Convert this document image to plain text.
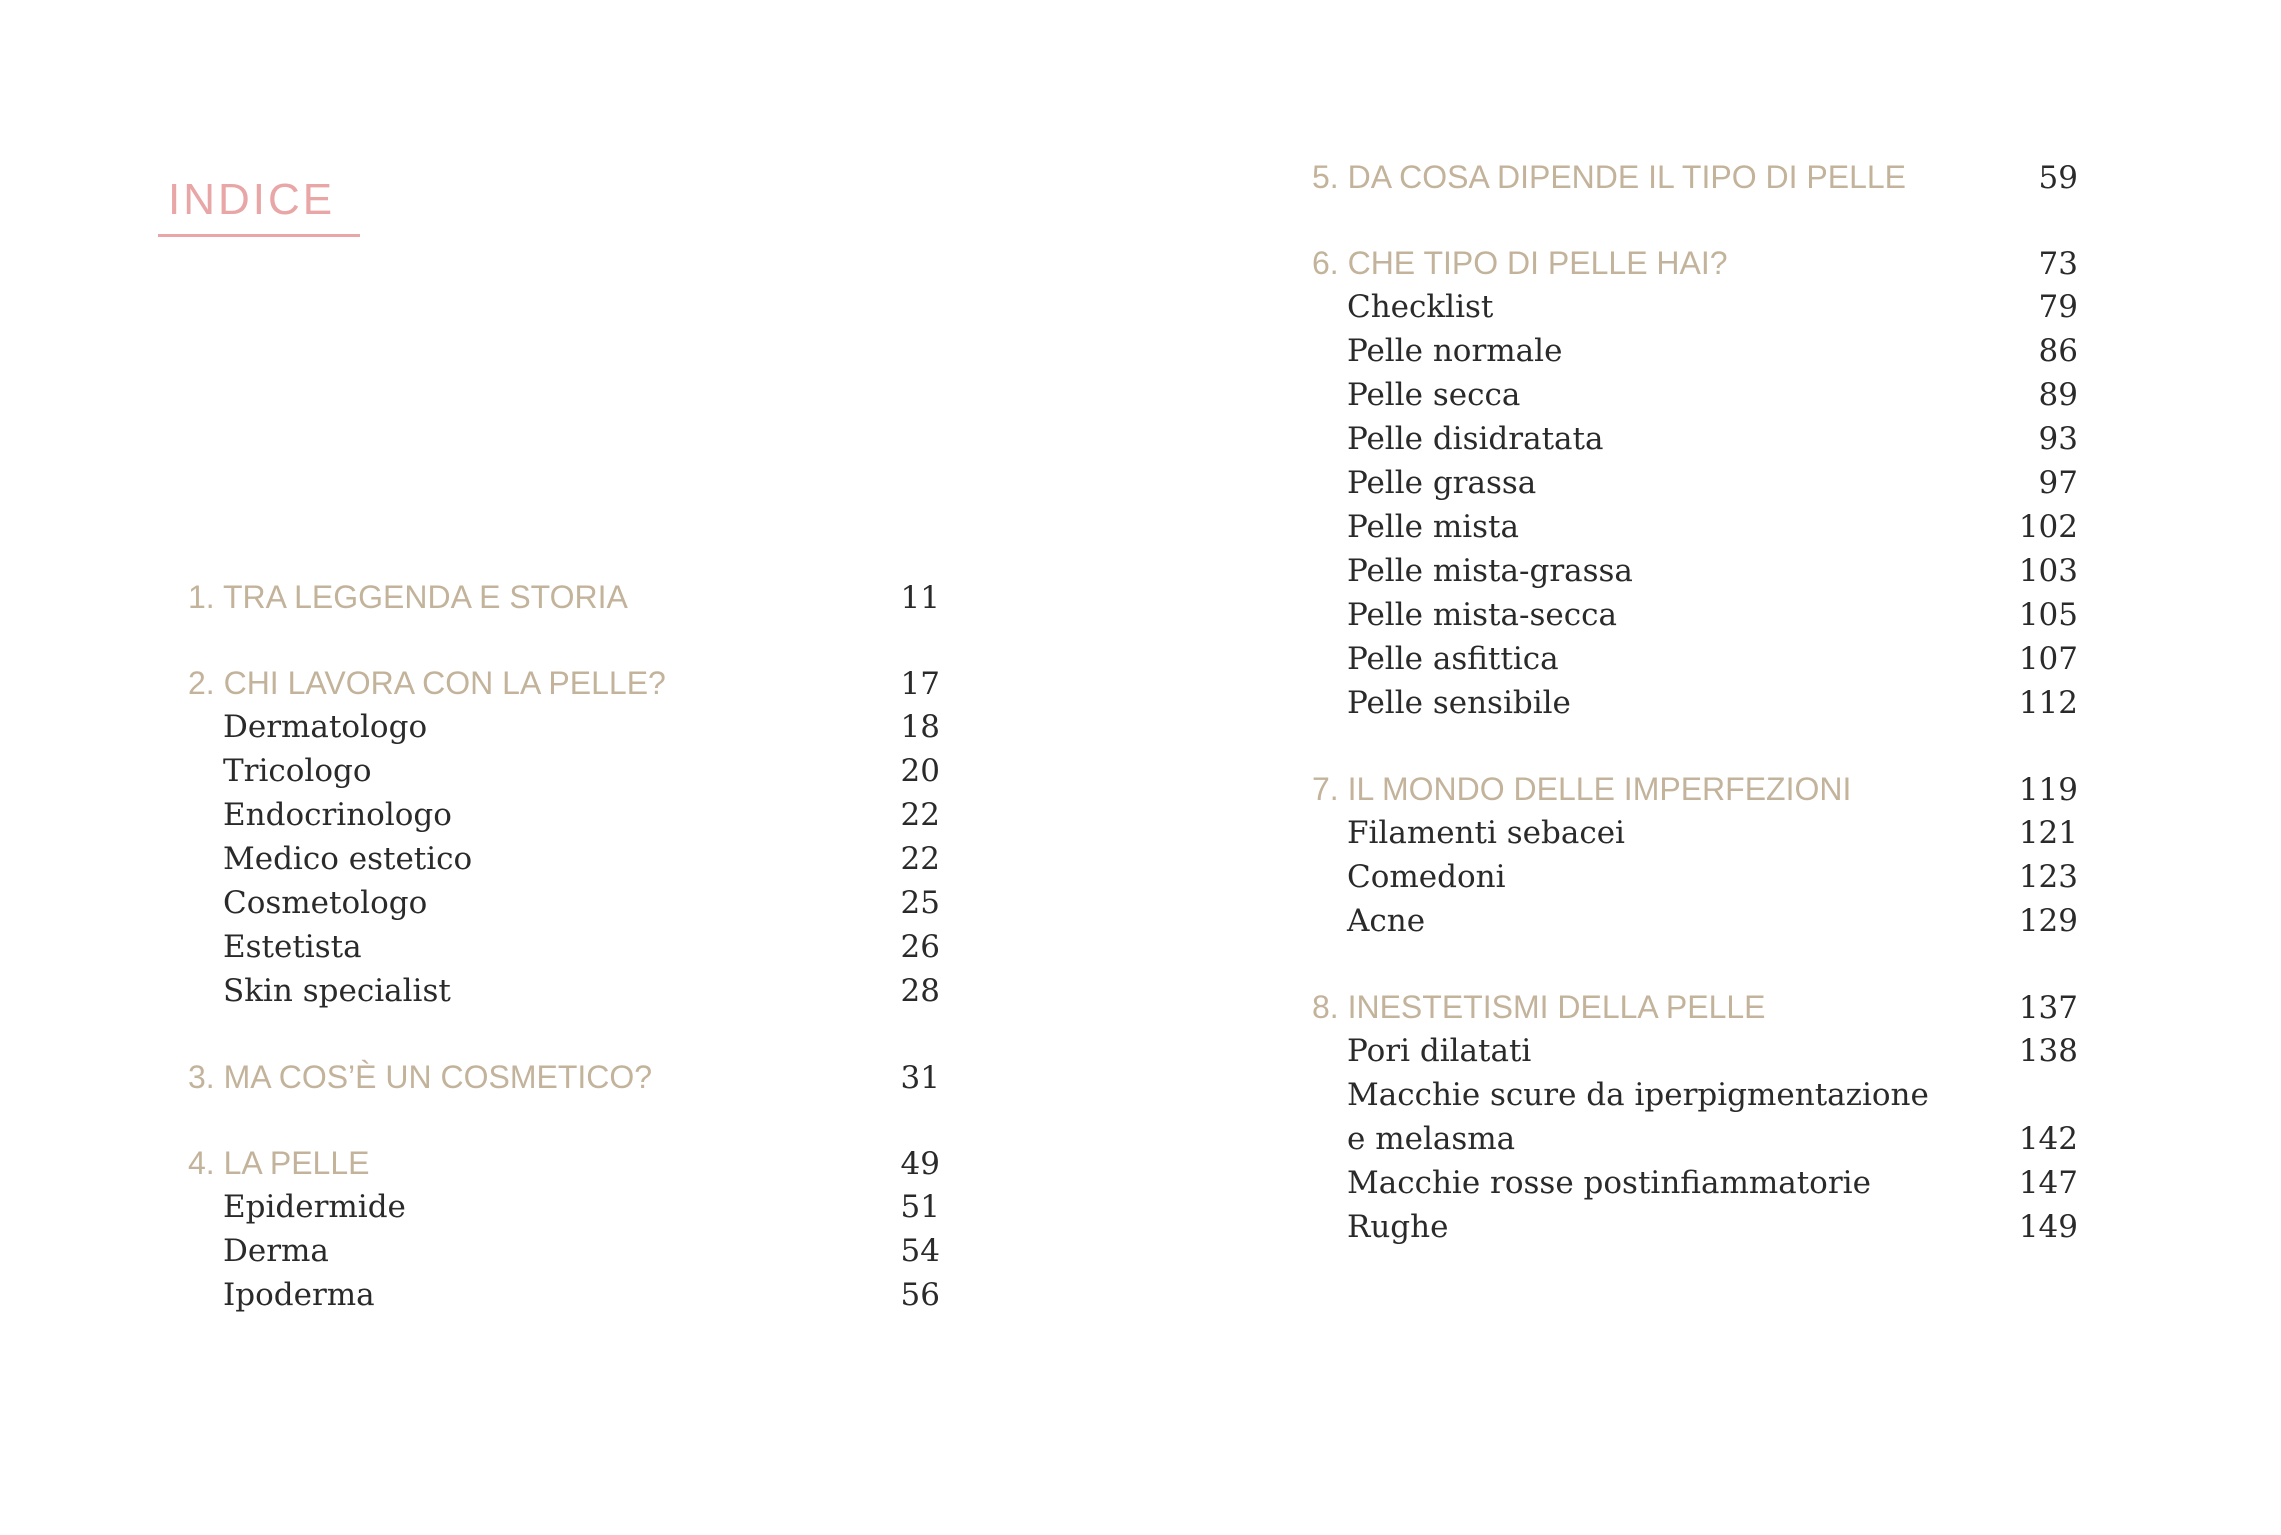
INDICE
1. TRA LEGGENDA E STORIA	11
2. CHI LAVORA CON LA PELLE?	17
Dermatologo	18
Tricologo	20
Endocrinologo	22
Medico estetico	22
Cosmetologo	25
Estetista	26
Skin specialist	28
3. MA COS’È UN COSMETICO?	31
4. LA PELLE	49
Epidermide	51
Derma	54
Ipoderma	56
5. DA COSA DIPENDE IL TIPO DI PELLE	59
6. CHE TIPO DI PELLE HAI?	73
Checklist	79
Pelle normale	86
Pelle secca	89
Pelle disidratata	93
Pelle grassa	97
Pelle mista	102
Pelle mista-grassa	103
Pelle mista-secca	105
Pelle asfittica	107
Pelle sensibile	112
7. IL MONDO DELLE IMPERFEZIONI	119
Filamenti sebacei	121
Comedoni	123
Acne	129
8. INESTETISMI DELLA PELLE	137
Pori dilatati	138
Macchie scure da iperpigmentazione
e melasma	142
Macchie rosse postinfiammatorie	147
Rughe	149
